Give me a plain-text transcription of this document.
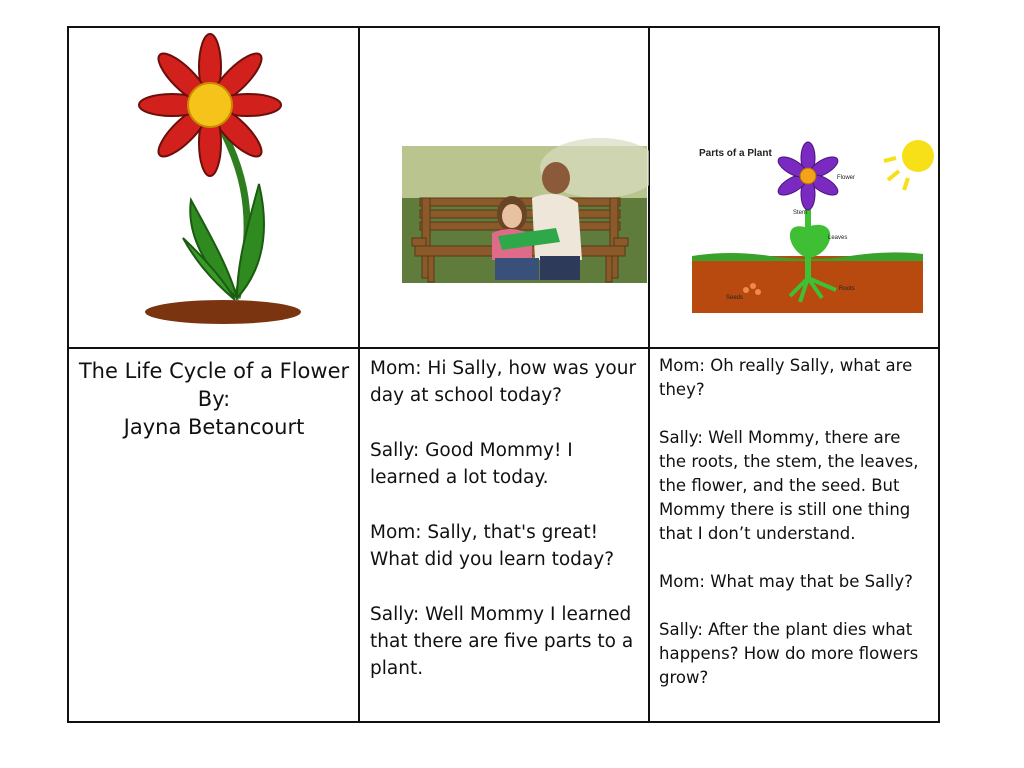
Parts of a Plant
Flower
Stem
Leaves
Roots
Seeds
The Life Cycle of a Flower
By:
Jayna Betancourt

Mom: Hi Sally, how was your day at school today?

Sally: Good Mommy! I learned a lot today.

Mom: Sally, that's great! What did you learn today?

Sally: Well Mommy I learned that there are five parts to a plant.

Mom: Oh really Sally, what are they?

Sally: Well Mommy, there are the roots, the stem, the leaves, the flower, and the seed. But Mommy there is still one thing that I don’t understand.

Mom: What may that be Sally?

Sally: After the plant dies what happens? How do more flowers grow?
